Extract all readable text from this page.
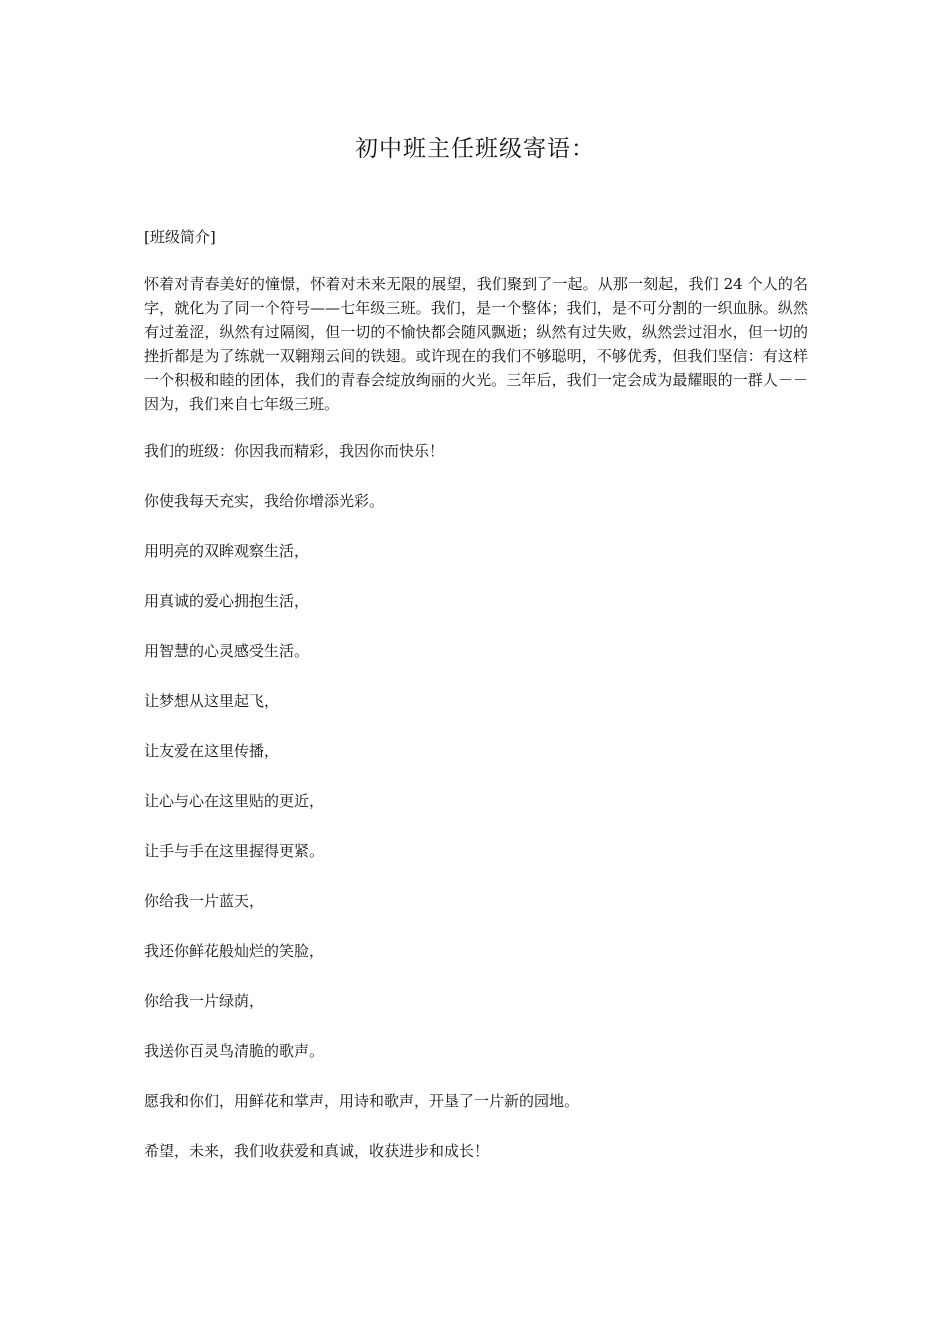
初中班主任班级寄语：

[班级简介]

怀着对青春美好的憧憬，怀着对未来无限的展望，我们聚到了一起。从那一刻起，我们 24 个人的名字，就化为了同一个符号——七年级三班。我们，是一个整体；我们，是不可分割的一织血脉。纵然有过羞涩，纵然有过隔阂，但一切的不愉快都会随风飘逝；纵然有过失败，纵然尝过泪水，但一切的挫折都是为了练就一双翱翔云间的铁翅。或许现在的我们不够聪明，不够优秀，但我们坚信：有这样一个积极和睦的团体，我们的青春会绽放绚丽的火光。三年后，我们一定会成为最耀眼的一群人－－因为，我们来自七年级三班。

我们的班级：你因我而精彩，我因你而快乐！

你使我每天充实，我给你增添光彩。

用明亮的双眸观察生活，

用真诚的爱心拥抱生活，

用智慧的心灵感受生活。

让梦想从这里起飞，

让友爱在这里传播，

让心与心在这里贴的更近，

让手与手在这里握得更紧。

你给我一片蓝天，

我还你鲜花般灿烂的笑脸，

你给我一片绿荫，

我送你百灵鸟清脆的歌声。

愿我和你们，用鲜花和掌声，用诗和歌声，开垦了一片新的园地。

希望，未来，我们收获爱和真诚，收获进步和成长！
